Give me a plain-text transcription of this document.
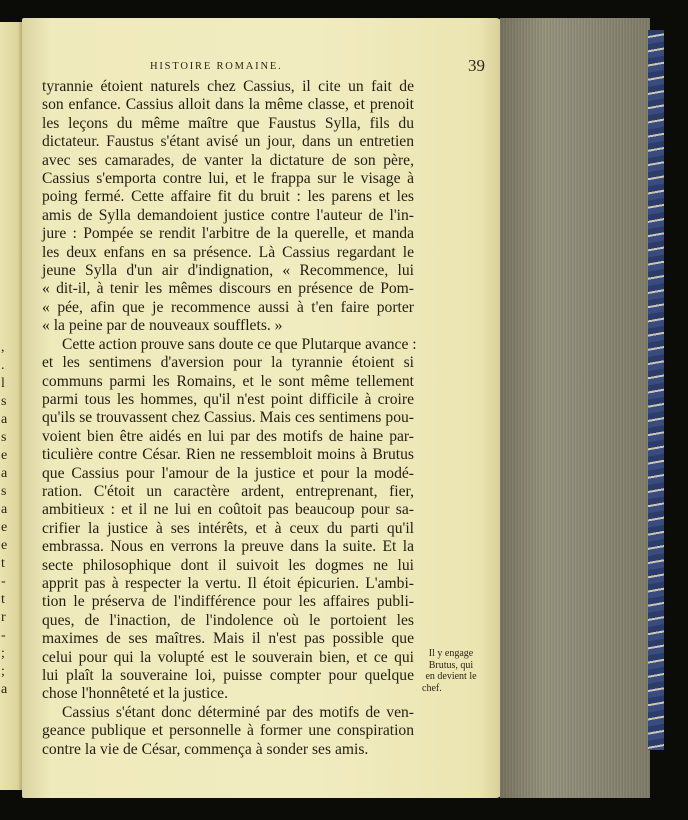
,
.
l
s
a
s
e
a
s
a
e
e
t
-
t
r
-
;
;
a
HISTOIRE ROMAINE.	39
tyrannie étoient naturels chez Cassius, il cite un fait de
son enfance. Cassius alloit dans la même classe, et prenoit
les leçons du même maître que Faustus Sylla, fils du
dictateur. Faustus s'étant avisé un jour, dans un entretien
avec ses camarades, de vanter la dictature de son père,
Cassius s'emporta contre lui, et le frappa sur le visage à
poing fermé. Cette affaire fit du bruit : les parens et les
amis de Sylla demandoient justice contre l'auteur de l'in-
jure : Pompée se rendit l'arbitre de la querelle, et manda
les deux enfans en sa présence. Là Cassius regardant le
jeune Sylla d'un air d'indignation, « Recommence, lui
« dit-il, à tenir les mêmes discours en présence de Pom-
« pée, afin que je recommence aussi à t'en faire porter
« la peine par de nouveaux soufflets. »
Cette action prouve sans doute ce que Plutarque avance :
et les sentimens d'aversion pour la tyrannie étoient si
communs parmi les Romains, et le sont même tellement
parmi tous les hommes, qu'il n'est point difficile à croire
qu'ils se trouvassent chez Cassius. Mais ces sentimens pou-
voient bien être aidés en lui par des motifs de haine par-
ticulière contre César. Rien ne ressembloit moins à Brutus
que Cassius pour l'amour de la justice et pour la modé-
ration. C'étoit un caractère ardent, entreprenant, fier,
ambitieux : et il ne lui en coûtoit pas beaucoup pour sa-
crifier la justice à ses intérêts, et à ceux du parti qu'il
embrassa. Nous en verrons la preuve dans la suite. Et la
secte philosophique dont il suivoit les dogmes ne lui
apprit pas à respecter la vertu. Il étoit épicurien. L'ambi-
tion le préserva de l'indifférence pour les affaires publi-
ques, de l'inaction, de l'indolence où le portoient les
maximes de ses maîtres. Mais il n'est pas possible que
celui pour qui la volupté est le souverain bien, et ce qui
lui plaît la souveraine loi, puisse compter pour quelque
chose l'honnêteté et la justice.
Cassius s'étant donc déterminé par des motifs de ven-
geance publique et personnelle à former une conspiration
contre la vie de César, commença à sonder ses amis.
Il y engage
Brutus, qui
en devient le
chef.
